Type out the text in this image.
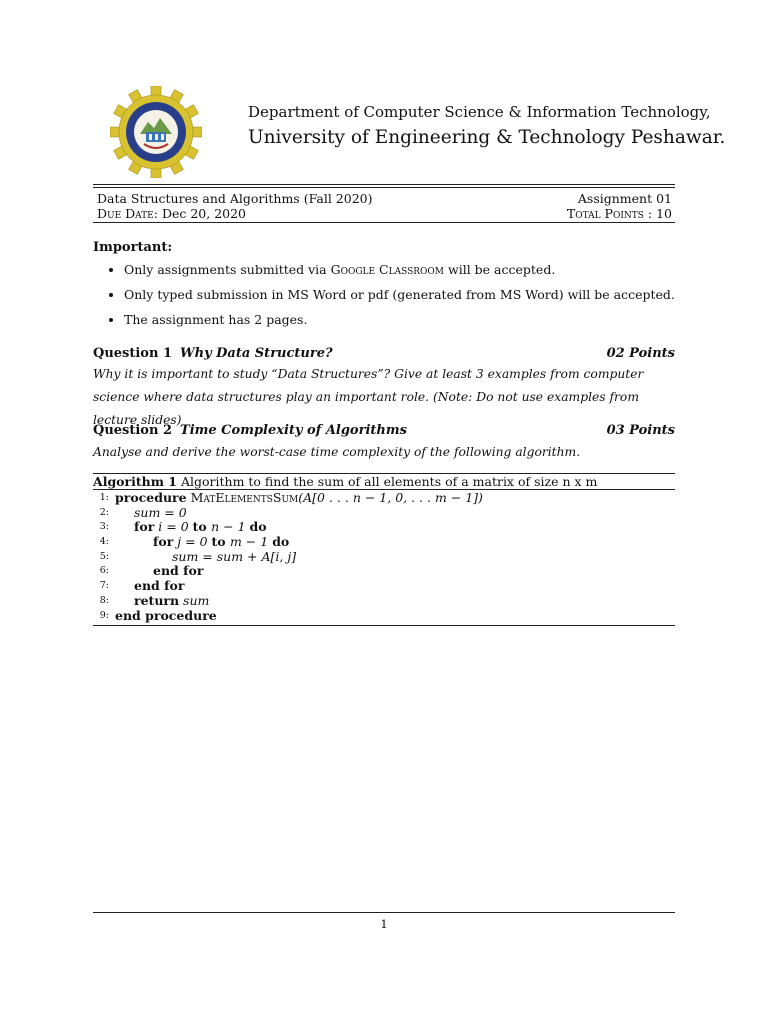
Department of Computer Science & Information Technology,
University of Engineering & Technology Peshawar.
Data Structures and Algorithms (Fall 2020)	Assignment 01
Due Date: Dec 20, 2020	Total Points : 10
Important:
• Only assignments submitted via Google Classroom will be accepted.
• Only typed submission in MS Word or pdf (generated from MS Word) will be accepted.
• The assignment has 2 pages.
Question 1 Why Data Structure?	02 Points
Why it is important to study “Data Structures”? Give at least 3 examples from computer science where data structures play an important role. (Note: Do not use examples from lecture slides)
Question 2 Time Complexity of Algorithms	03 Points
Analyse and derive the worst-case time complexity of the following algorithm.
Algorithm 1 Algorithm to find the sum of all elements of a matrix of size n x m
1: procedure MatElementsSum(A[0 . . . n − 1, 0, . . . m − 1])
2: sum = 0
3: for i = 0 to n − 1 do
4:	for j = 0 to m − 1 do
5:	sum = sum + A[i, j]
6:	end for
7: end for
8: return sum
9: end procedure
1
